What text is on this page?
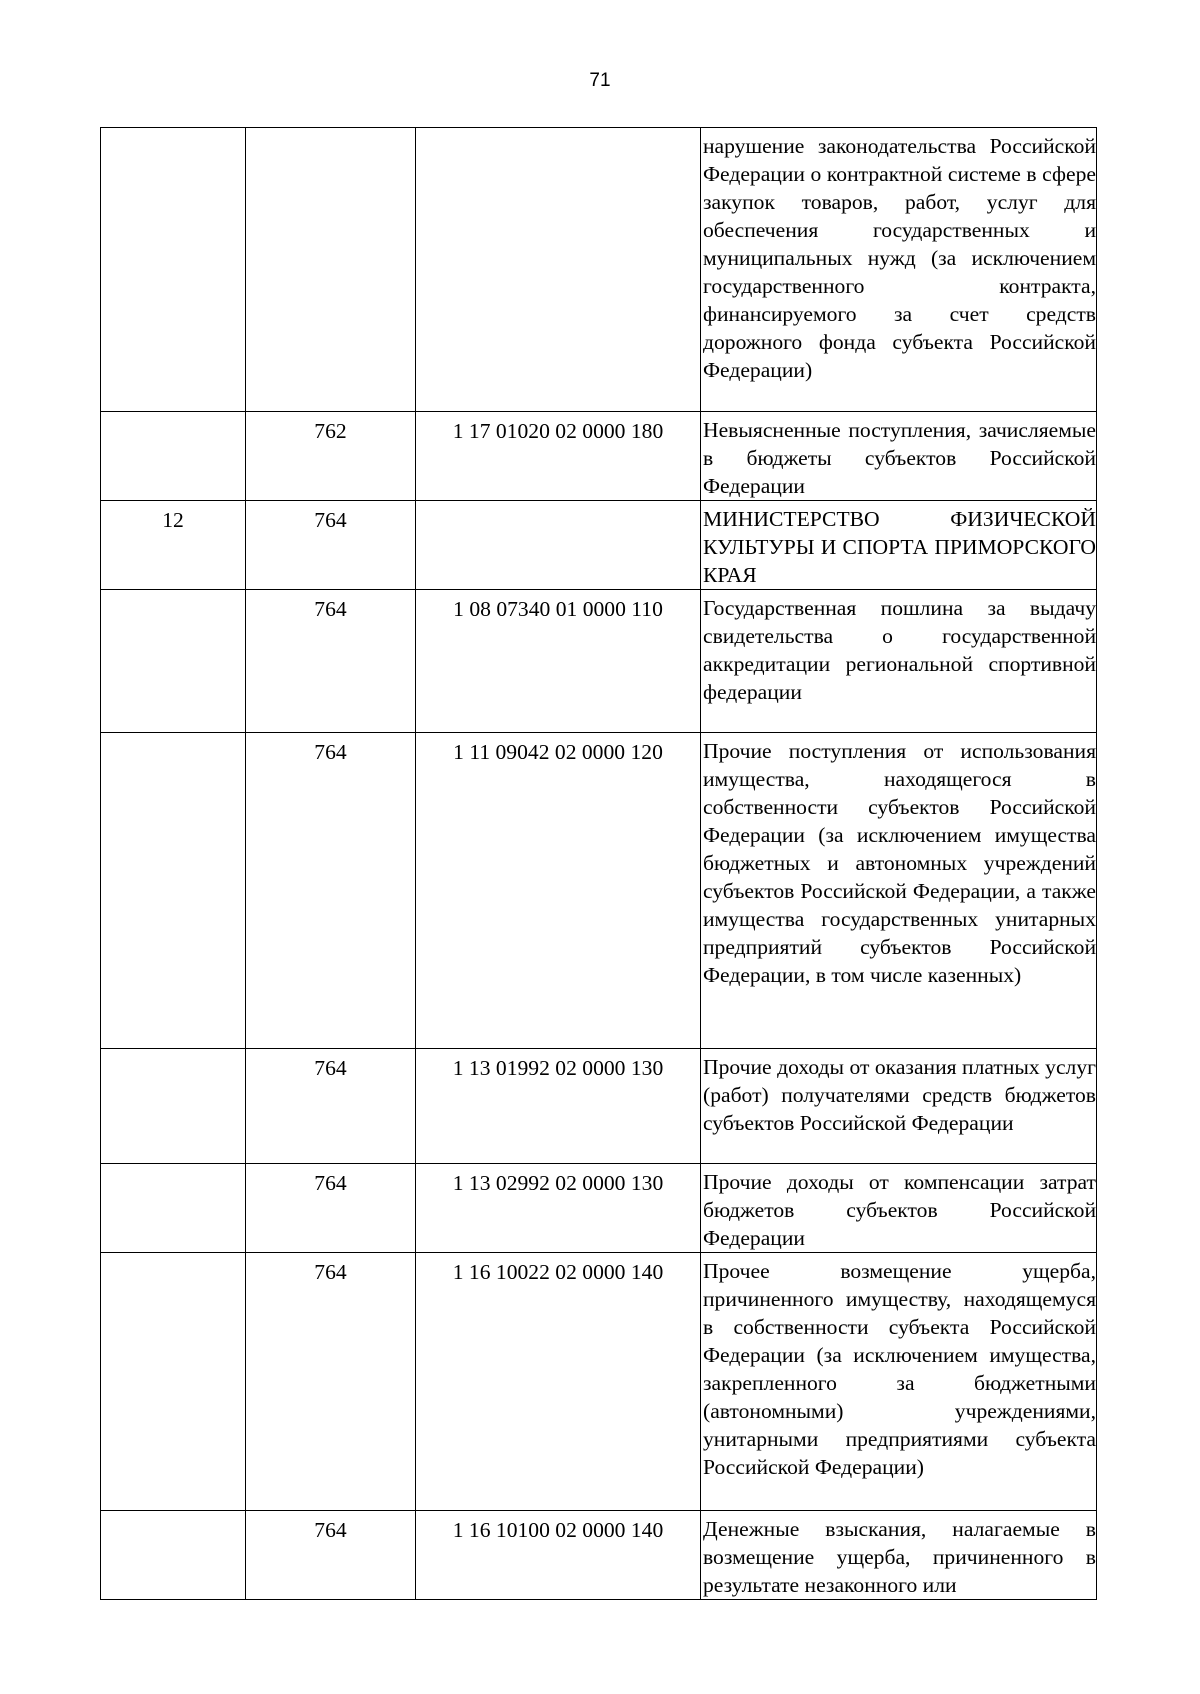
71
			нарушение законодательства Российской Федерации о контрактной системе в сфере закупок товаров, работ, услуг для обеспечения государственных и муниципальных нужд (за исключением государственного контракта, финансируемого за счет средств дорожного фонда субъекта Российской Федерации)
	762	1 17 01020 02 0000 180	Невыясненные поступления, зачисляемые в бюджеты субъектов Российской Федерации
12	764		МИНИСТЕРСТВО ФИЗИЧЕСКОЙ КУЛЬТУРЫ И СПОРТА ПРИМОРСКОГО КРАЯ
	764	1 08 07340 01 0000 110	Государственная пошлина за выдачу свидетельства о государственной аккредитации региональной спортивной федерации
	764	1 11 09042 02 0000 120	Прочие поступления от использования имущества, находящегося в собственности субъектов Российской Федерации (за исключением имущества бюджетных и автономных учреждений субъектов Российской Федерации, а также имущества государственных унитарных предприятий субъектов Российской Федерации, в том числе казенных)
	764	1 13 01992 02 0000 130	Прочие доходы от оказания платных услуг (работ) получателями средств бюджетов субъектов Российской Федерации
	764	1 13 02992 02 0000 130	Прочие доходы от компенсации затрат бюджетов субъектов Российской Федерации
	764	1 16 10022 02 0000 140	Прочее возмещение ущерба, причиненного имуществу, находящемуся в собственности субъекта Российской Федерации (за исключением имущества, закрепленного за бюджетными (автономными) учреждениями, унитарными предприятиями субъекта Российской Федерации)
	764	1 16 10100 02 0000 140	Денежные взыскания, налагаемые в возмещение ущерба, причиненного в результате незаконного или
